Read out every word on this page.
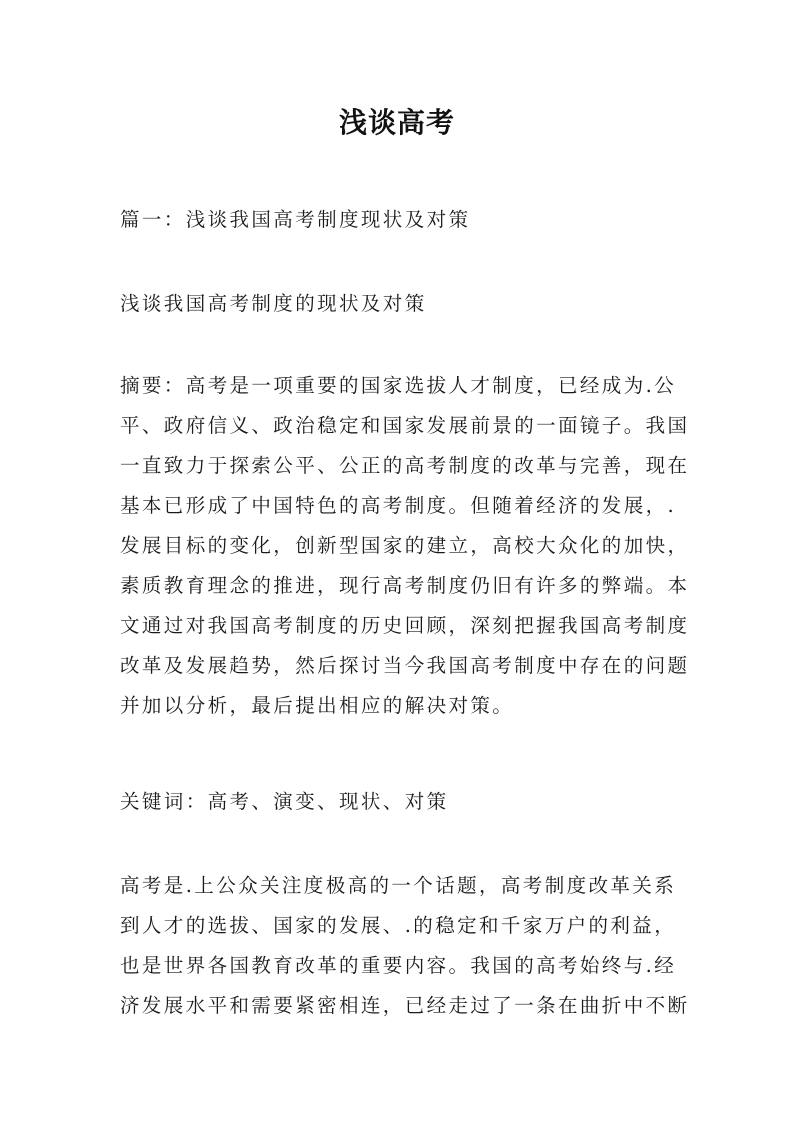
浅谈高考
篇一：浅谈我国高考制度现状及对策
浅谈我国高考制度的现状及对策
摘要：高考是一项重要的国家选拔人才制度，已经成为.公
平、政府信义、政治稳定和国家发展前景的一面镜子。我国
一直致力于探索公平、公正的高考制度的改革与完善，现在
基本已形成了中国特色的高考制度。但随着经济的发展，.
发展目标的变化，创新型国家的建立，高校大众化的加快，
素质教育理念的推进，现行高考制度仍旧有许多的弊端。本
文通过对我国高考制度的历史回顾，深刻把握我国高考制度
改革及发展趋势，然后探讨当今我国高考制度中存在的问题
并加以分析，最后提出相应的解决对策。
关键词：高考、演变、现状、对策
高考是.上公众关注度极高的一个话题，高考制度改革关系
到人才的选拔、国家的发展、.的稳定和千家万户的利益，
也是世界各国教育改革的重要内容。我国的高考始终与.经
济发展水平和需要紧密相连，已经走过了一条在曲折中不断
